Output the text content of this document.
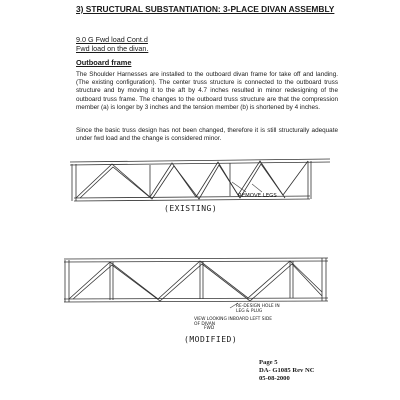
3) STRUCTURAL SUBSTANTIATION: 3-PLACE DIVAN ASSEMBLY
9.0 G Fwd load Cont.d
Fwd load on the divan.
Outboard frame
The Shoulder Harnesses are installed to the outboard divan frame for take off and landing. (The existing configuration). The center truss structure is connected to the outboard truss structure and by moving it to the aft by 4.7 inches resulted in minor redesigning of the outboard truss frame. The changes to the outboard truss structure are that the compression member (a) is longer by 3 inches and the tension member (b) is shortened by 4 inches.
Since the basic truss design has not been changed, therefore it is still structurally adequate under fwd load and the change is considered minor.
REMOVE LEGS
(EXISTING)
RE-DESIGN HOLE IN
LEG & PLUG
VIEW LOOKING INBOARD LEFT SIDE
OF DIVAN
FWD
(MODIFIED)
Page 5
DA- G1085 Rev NC
05-08-2000
